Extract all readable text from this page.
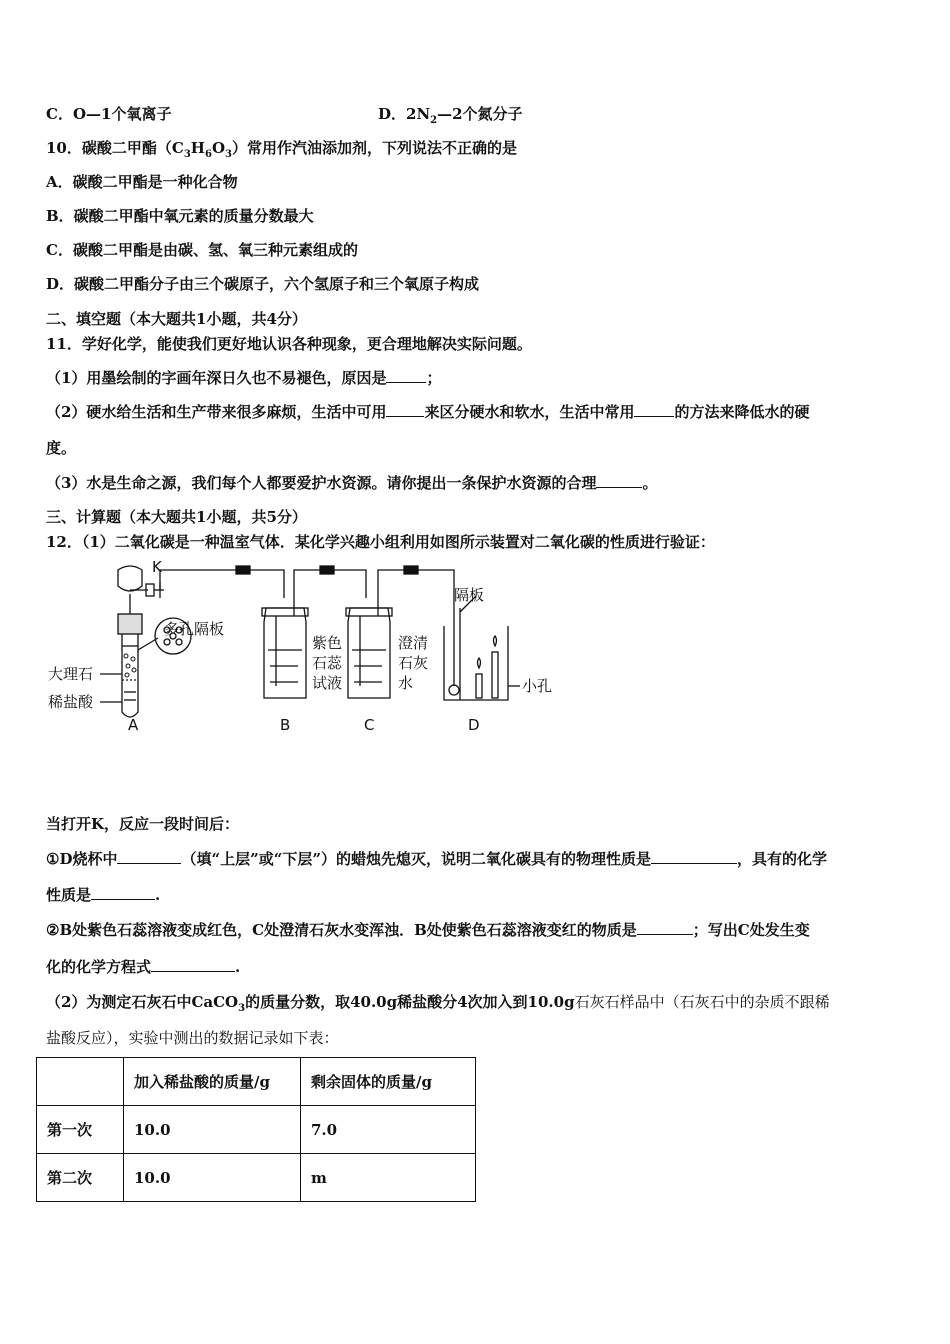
C．O—1个氧离子	D．$2N_2—2$个氮分子
10．碳酸二甲酯$(C_3H_6O_3)$常用作汽油添加剂，下列说法不正确的是
A．碳酸二甲酯是一种化合物
B．碳酸二甲酯中氧元素的质量分数最大
C．碳酸二甲酯是由碳、氢、氧三种元素组成的
D．碳酸二甲酯分子由三个碳原子，六个氢原子和三个氧原子构成
二、填空题（本大题共1小题，共4分）
11．学好化学，能使我们更好地认识各种现象，更合理地解决实际问题。
（1）用墨绘制的字画年深日久也不易褪色，原因是	；
（2）硬水给生活和生产带来很多麻烦，生活中可用	来区分硬水和软水，生活中常用	的方法来降低水的硬
度。
（3）水是生命之源，我们每个人都要爱护水资源。请你提出一条保护水资源的合理	。
三、计算题（本大题共1小题，共5分）
12．（1）二氧化碳是一种温室气体．某化学兴趣小组利用如图所示装置对二氧化碳的性质进行验证：
K
多孔隔板
大理石
稀盐酸
紫色
石蕊
试液
澄清
石灰
水
隔板
小孔
A	B	C	D
当打开K，反应一段时间后：
①D烧杯中	（填“上层”或“下层”）的蜡烛先熄灭，说明二氧化碳具有的物理性质是	，具有的化学
性质是	.
②B处紫色石蕊溶液变成红色，C处澄清石灰水变浑浊．B处使紫色石蕊溶液变红的物质是	；写出C处发生变
化的化学方程式	.
（2）为测定石灰石中CaCO$_3$的质量分数，取40.0g稀盐酸分4次加入到10.0g石灰石样品中（石灰石中的杂质不跟稀
盐酸反应），实验中测出的数据记录如下表：
	加入稀盐酸的质量/g	剩余固体的质量/g
第一次	10.0	7.0
第二次	10.0	m
